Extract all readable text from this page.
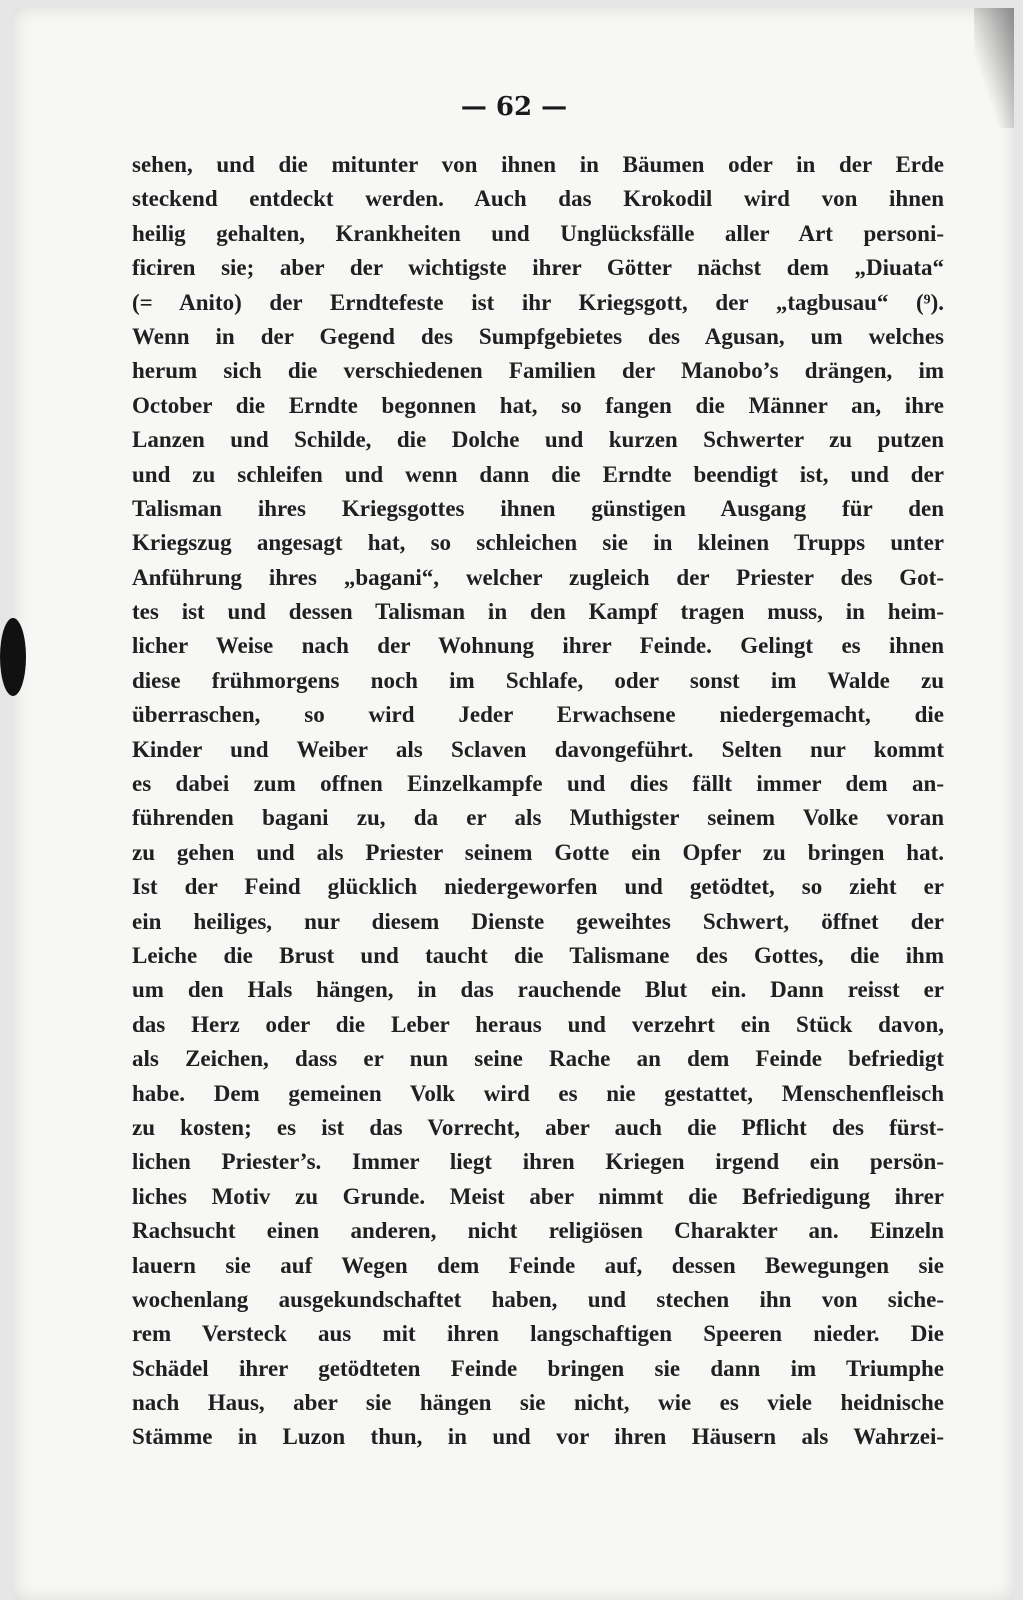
— 62 —
sehen, und die mitunter von ihnen in Bäumen oder in der Erde
steckend entdeckt werden. Auch das Krokodil wird von ihnen
heilig gehalten, Krankheiten und Unglücksfälle aller Art personi-
ficiren sie; aber der wichtigste ihrer Götter nächst dem „Diuata“
(= Anito) der Erndtefeste ist ihr Kriegsgott, der „tagbusau“ (⁹).
Wenn in der Gegend des Sumpfgebietes des Agusan, um welches
herum sich die verschiedenen Familien der Manobo’s drängen, im
October die Erndte begonnen hat, so fangen die Männer an, ihre
Lanzen und Schilde, die Dolche und kurzen Schwerter zu putzen
und zu schleifen und wenn dann die Erndte beendigt ist, und der
Talisman ihres Kriegsgottes ihnen günstigen Ausgang für den
Kriegszug angesagt hat, so schleichen sie in kleinen Trupps unter
Anführung ihres „bagani“, welcher zugleich der Priester des Got-
tes ist und dessen Talisman in den Kampf tragen muss, in heim-
licher Weise nach der Wohnung ihrer Feinde. Gelingt es ihnen
diese frühmorgens noch im Schlafe, oder sonst im Walde zu
überraschen, so wird Jeder Erwachsene niedergemacht, die
Kinder und Weiber als Sclaven davongeführt. Selten nur kommt
es dabei zum offnen Einzelkampfe und dies fällt immer dem an-
führenden bagani zu, da er als Muthigster seinem Volke voran
zu gehen und als Priester seinem Gotte ein Opfer zu bringen hat.
Ist der Feind glücklich niedergeworfen und getödtet, so zieht er
ein heiliges, nur diesem Dienste geweihtes Schwert, öffnet der
Leiche die Brust und taucht die Talismane des Gottes, die ihm
um den Hals hängen, in das rauchende Blut ein. Dann reisst er
das Herz oder die Leber heraus und verzehrt ein Stück davon,
als Zeichen, dass er nun seine Rache an dem Feinde befriedigt
habe. Dem gemeinen Volk wird es nie gestattet, Menschenfleisch
zu kosten; es ist das Vorrecht, aber auch die Pflicht des fürst-
lichen Priester’s. Immer liegt ihren Kriegen irgend ein persön-
liches Motiv zu Grunde. Meist aber nimmt die Befriedigung ihrer
Rachsucht einen anderen, nicht religiösen Charakter an. Einzeln
lauern sie auf Wegen dem Feinde auf, dessen Bewegungen sie
wochenlang ausgekundschaftet haben, und stechen ihn von siche-
rem Versteck aus mit ihren langschaftigen Speeren nieder. Die
Schädel ihrer getödteten Feinde bringen sie dann im Triumphe
nach Haus, aber sie hängen sie nicht, wie es viele heidnische
Stämme in Luzon thun, in und vor ihren Häusern als Wahrzei-
